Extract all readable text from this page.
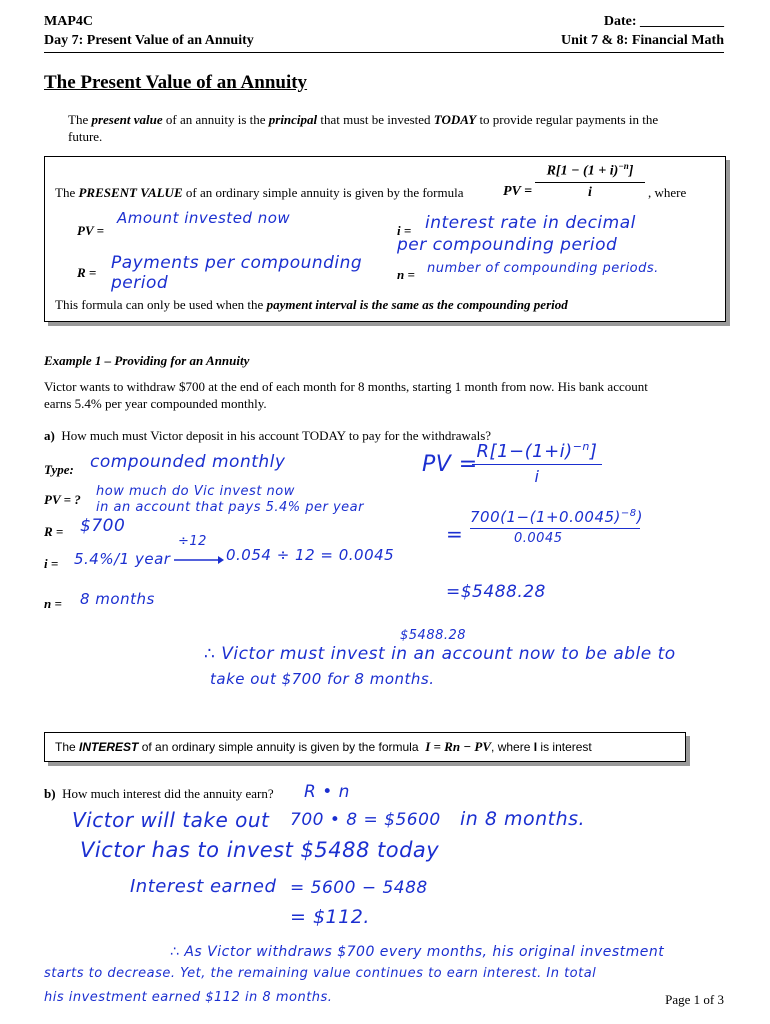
MAP4C
Day 7: Present Value of an Annuity
Date: ____________
Unit 7 & 8: Financial Math
The Present Value of an Annuity
The present value of an annuity is the principal that must be invested TODAY to provide regular payments in the
future.
The PRESENT VALUE of an ordinary simple annuity is given by the formula	PV =
$R[1 - (1 + i)^{-n}]$
i	, where
PV =
Amount invested now
i = interest rate in decimal
per compounding period
R = Payments per compounding
period	n = number of compounding periods.
This formula can only be used when the payment interval is the same as the compounding period
Example 1 – Providing for an Annuity
Victor wants to withdraw $700 at the end of each month for 8 months, starting 1 month from now. His bank account
earns 5.4% per year compounded monthly.
a) How much must Victor deposit in his account TODAY to pay for the withdrawals?
Type: compounded monthly
PV = ?
how much do Vic invest now
in an account that pays 5.4% per year
R = $700
i = 5.4%/1 year
÷12
0.054 ÷ 12 = 0.0045
n = 8 months
PV =
$R[1-(1+i)^{-n}]$
i
=
$700(1-(1+0.0045)^{-8})$
0.0045
=$5488.28
$5488.28
∴ Victor must invest in an account now to be able to
take out $700 for 8 months.
The INTEREST of an ordinary simple annuity is given by the formula I = Rn − PV, where I is interest
b) How much interest did the annuity earn? R • n
Victor will take out 700 • 8 = $5600 in 8 months.
Victor has to invest $5488 today
Interest earned = 5600 − 5488
= $112.
∴ As Victor withdraws $700 every months, his original investment
starts to decrease. Yet, the remaining value continues to earn interest. In total
his investment earned $112 in 8 months.	Page 1 of 3
